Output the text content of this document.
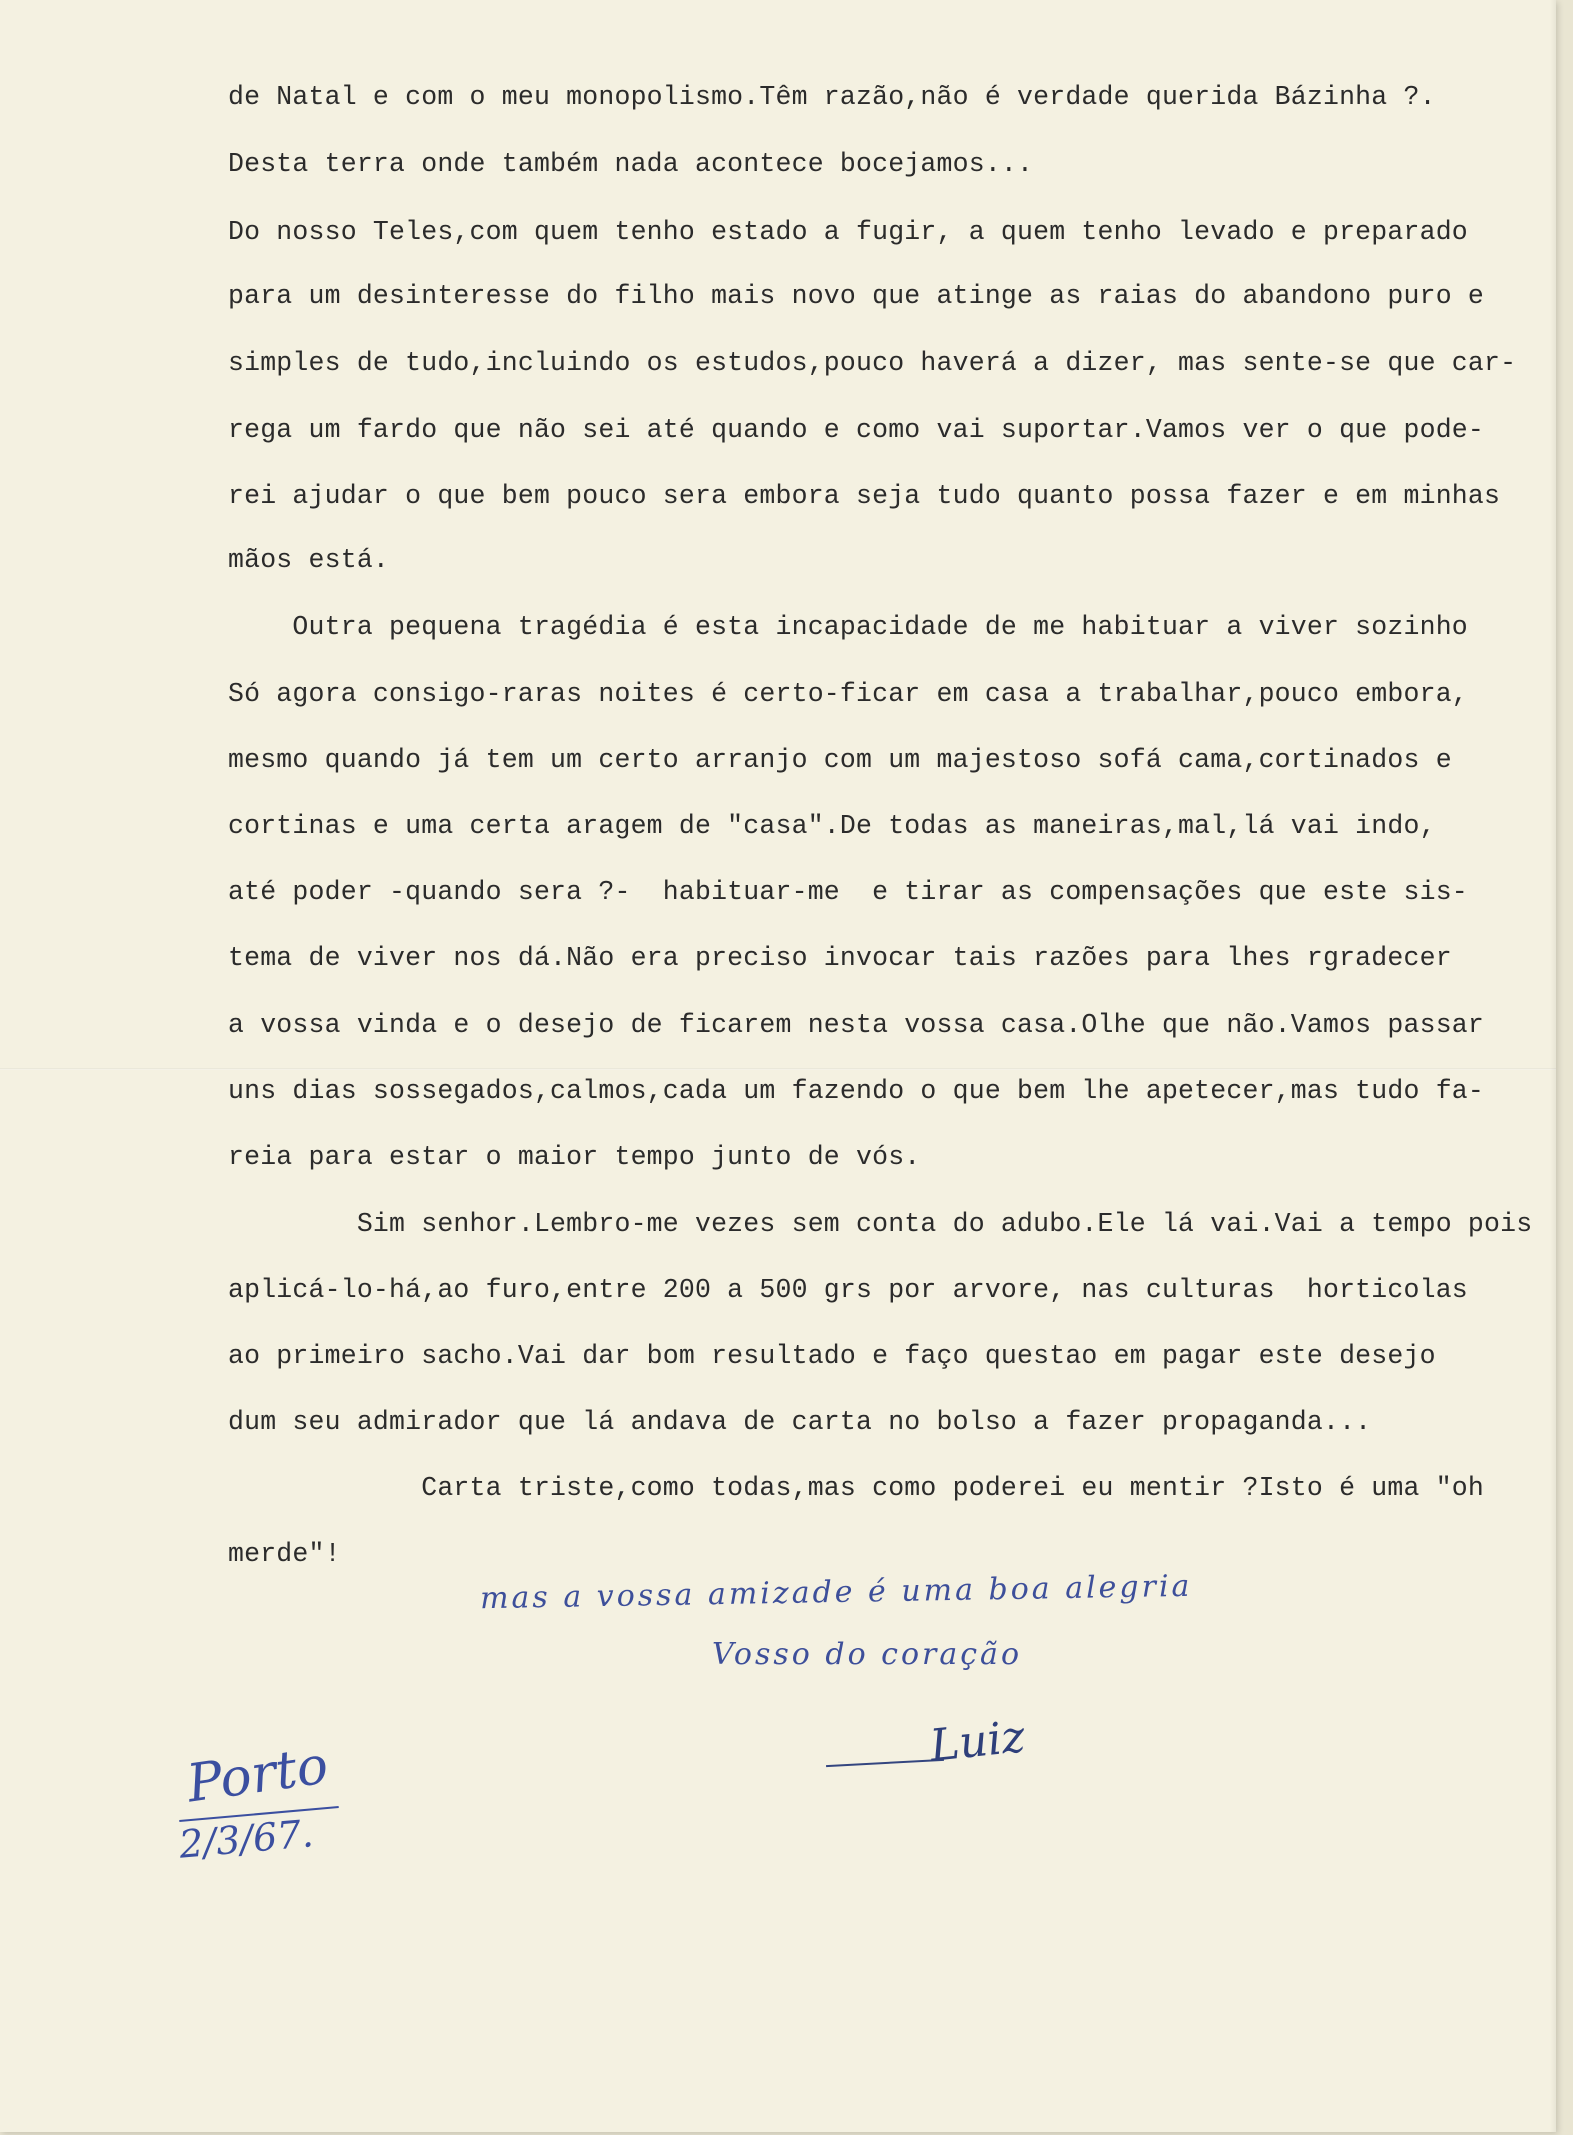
de Natal e com o meu monopolismo.Têm razão,não é verdade querida Bázinha ?.
Desta terra onde também nada acontece bocejamos...
Do nosso Teles,com quem tenho estado a fugir, a quem tenho levado e preparado
para um desinteresse do filho mais novo que atinge as raias do abandono puro e
simples de tudo,incluindo os estudos,pouco haverá a dizer, mas sente-se que car-
rega um fardo que não sei até quando e como vai suportar.Vamos ver o que pode-
rei ajudar o que bem pouco sera embora seja tudo quanto possa fazer e em minhas
mãos está.
Outra pequena tragédia é esta incapacidade de me habituar a viver sozinho
Só agora consigo-raras noites é certo-ficar em casa a trabalhar,pouco embora,
mesmo quando já tem um certo arranjo com um majestoso sofá cama,cortinados e
cortinas e uma certa aragem de "casa".De todas as maneiras,mal,lá vai indo,
até poder -quando sera ?-  habituar-me  e tirar as compensações que este sis-
tema de viver nos dá.Não era preciso invocar tais razões para lhes rgradecer
a vossa vinda e o desejo de ficarem nesta vossa casa.Olhe que não.Vamos passar
uns dias sossegados,calmos,cada um fazendo o que bem lhe apetecer,mas tudo fa-
reia para estar o maior tempo junto de vós.
Sim senhor.Lembro-me vezes sem conta do adubo.Ele lá vai.Vai a tempo pois
aplicá-lo-há,ao furo,entre 200 a 500 grs por arvore, nas culturas  horticolas
ao primeiro sacho.Vai dar bom resultado e faço questao em pagar este desejo
dum seu admirador que lá andava de carta no bolso a fazer propaganda...
Carta triste,como todas,mas como poderei eu mentir ?Isto é uma "oh
merde"!
mas a vossa amizade é uma boa alegria
Vosso do coração
Luiz
Porto
2/3/67.
